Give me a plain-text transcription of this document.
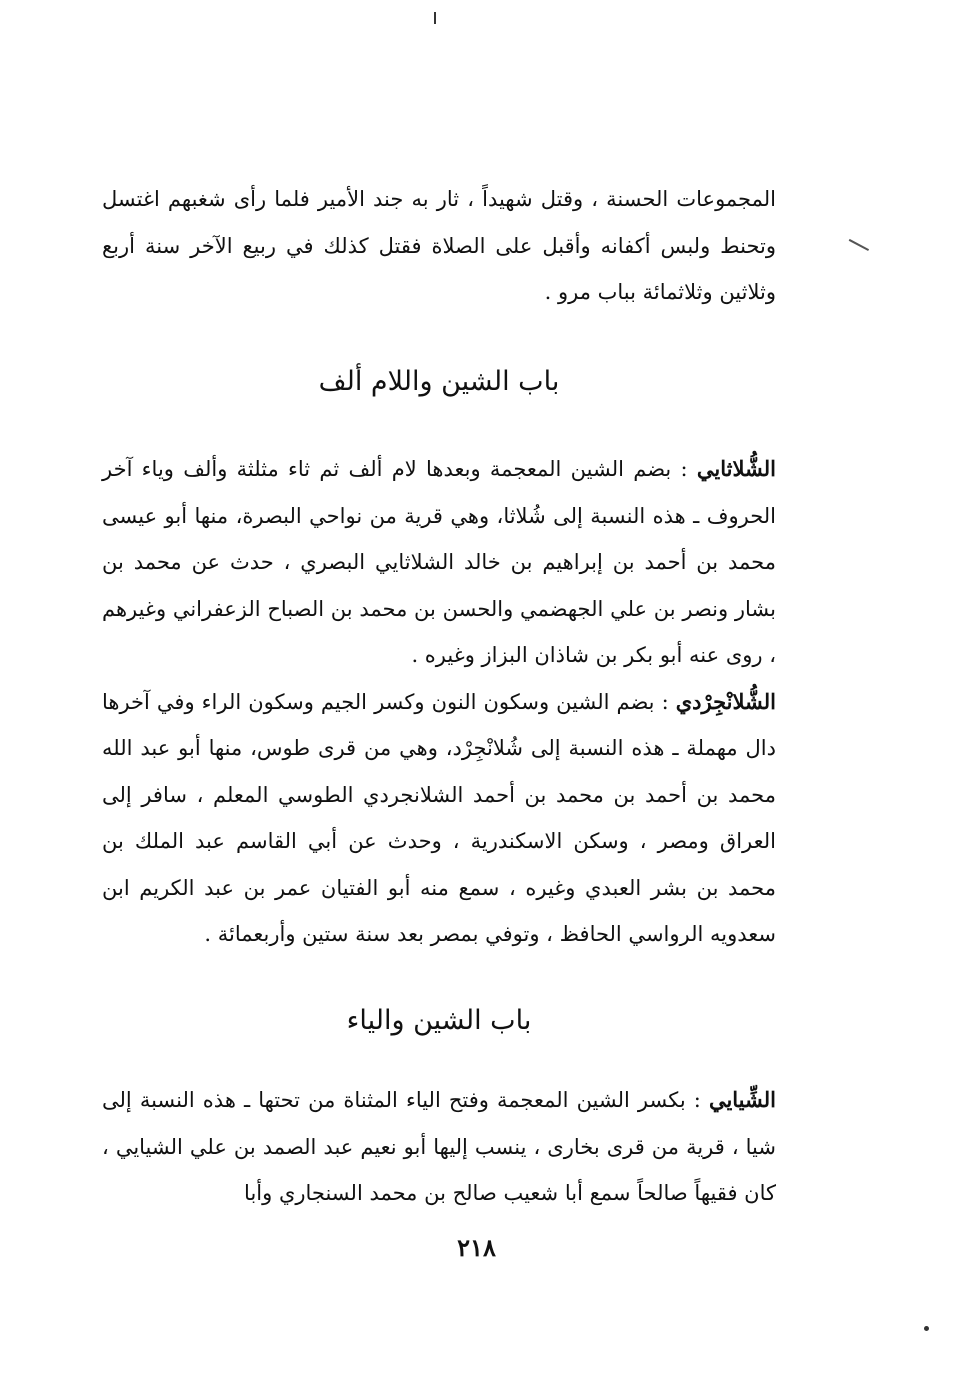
المجموعات الحسنة ، وقتل شهيداً ، ثار به جند الأمير فلما رأى شغبهم اغتسل وتحنط ولبس أكفانه وأقبل على الصلاة فقتل كذلك في ربيع الآخر سنة أربع وثلاثين وثلاثمائة بباب مرو .

باب الشين واللام ألف

الشُّلاثايي : بضم الشين المعجمة وبعدها لام ألف ثم ثاء مثلثة وألف وياء آخر الحروف ـ هذه النسبة إلى شُلاثا، وهي قرية من نواحي البصرة، منها أبو عيسى محمد بن أحمد بن إبراهيم بن خالد الشلاثايي البصري ، حدث عن محمد بن بشار ونصر بن علي الجهضمي والحسن بن محمد بن الصباح الزعفراني وغيرهم ، روى عنه أبو بكر بن شاذان البزاز وغيره .

الشُّلانْجِرْدي : بضم الشين وسكون النون وكسر الجيم وسكون الراء وفي آخرها دال مهملة ـ هذه النسبة إلى شُلانْجِرْد، وهي من قرى طوس، منها أبو عبد الله محمد بن أحمد بن محمد بن أحمد الشلانجردي الطوسي المعلم ، سافر إلى العراق ومصر ، وسكن الاسكندرية ، وحدث عن أبي القاسم عبد الملك بن محمد بن بشر العبدي وغيره ، سمع منه أبو الفتيان عمر بن عبد الكريم ابن سعدويه الرواسي الحافظ ، وتوفي بمصر بعد سنة ستين وأربعمائة .

باب الشين والياء

الشِّيايي : بكسر الشين المعجمة وفتح الياء المثناة من تحتها ـ هذه النسبة إلى شيا ، قرية من قرى بخارى ، ينسب إليها أبو نعيم عبد الصمد بن علي الشيايي ، كان فقيهاً صالحاً سمع أبا شعيب صالح بن محمد السنجاري وأبا

٢١٨
